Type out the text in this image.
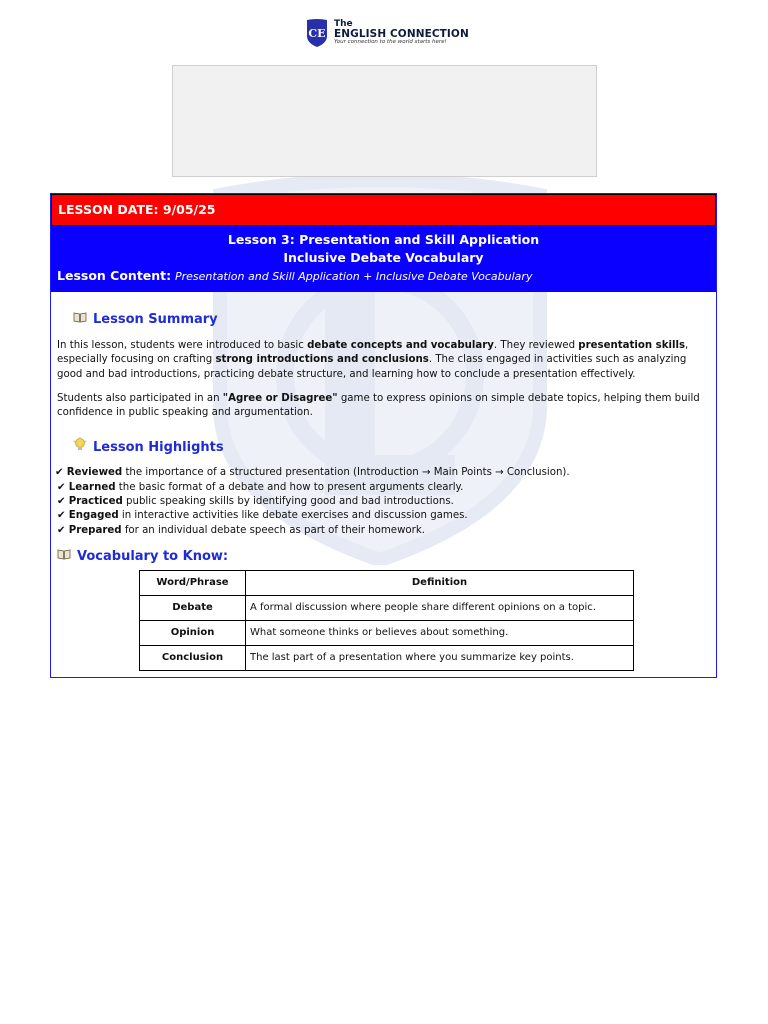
CE
The
ENGLISH CONNECTION
Your connection to the world starts here!
LESSON DATE: 9/05/25
Lesson 3: Presentation and Skill Application
Inclusive Debate Vocabulary
Lesson Content: Presentation and Skill Application + Inclusive Debate Vocabulary
Lesson Summary

In this lesson, students were introduced to basic debate concepts and vocabulary. They reviewed presentation skills, especially focusing on crafting strong introductions and conclusions. The class engaged in activities such as analyzing good and bad introductions, practicing debate structure, and learning how to conclude a presentation effectively.

Students also participated in an "Agree or Disagree" game to express opinions on simple debate topics, helping them build confidence in public speaking and argumentation.

Lesson Highlights
✔ Reviewed the importance of a structured presentation (Introduction → Main Points → Conclusion).
✔ Learned the basic format of a debate and how to present arguments clearly.
✔ Practiced public speaking skills by identifying good and bad introductions.
✔ Engaged in interactive activities like debate exercises and discussion games.
✔ Prepared for an individual debate speech as part of their homework.
Vocabulary to Know:
Word/Phrase	Definition
Debate	A formal discussion where people share different opinions on a topic.
Opinion	What someone thinks or believes about something.
Conclusion	The last part of a presentation where you summarize key points.
